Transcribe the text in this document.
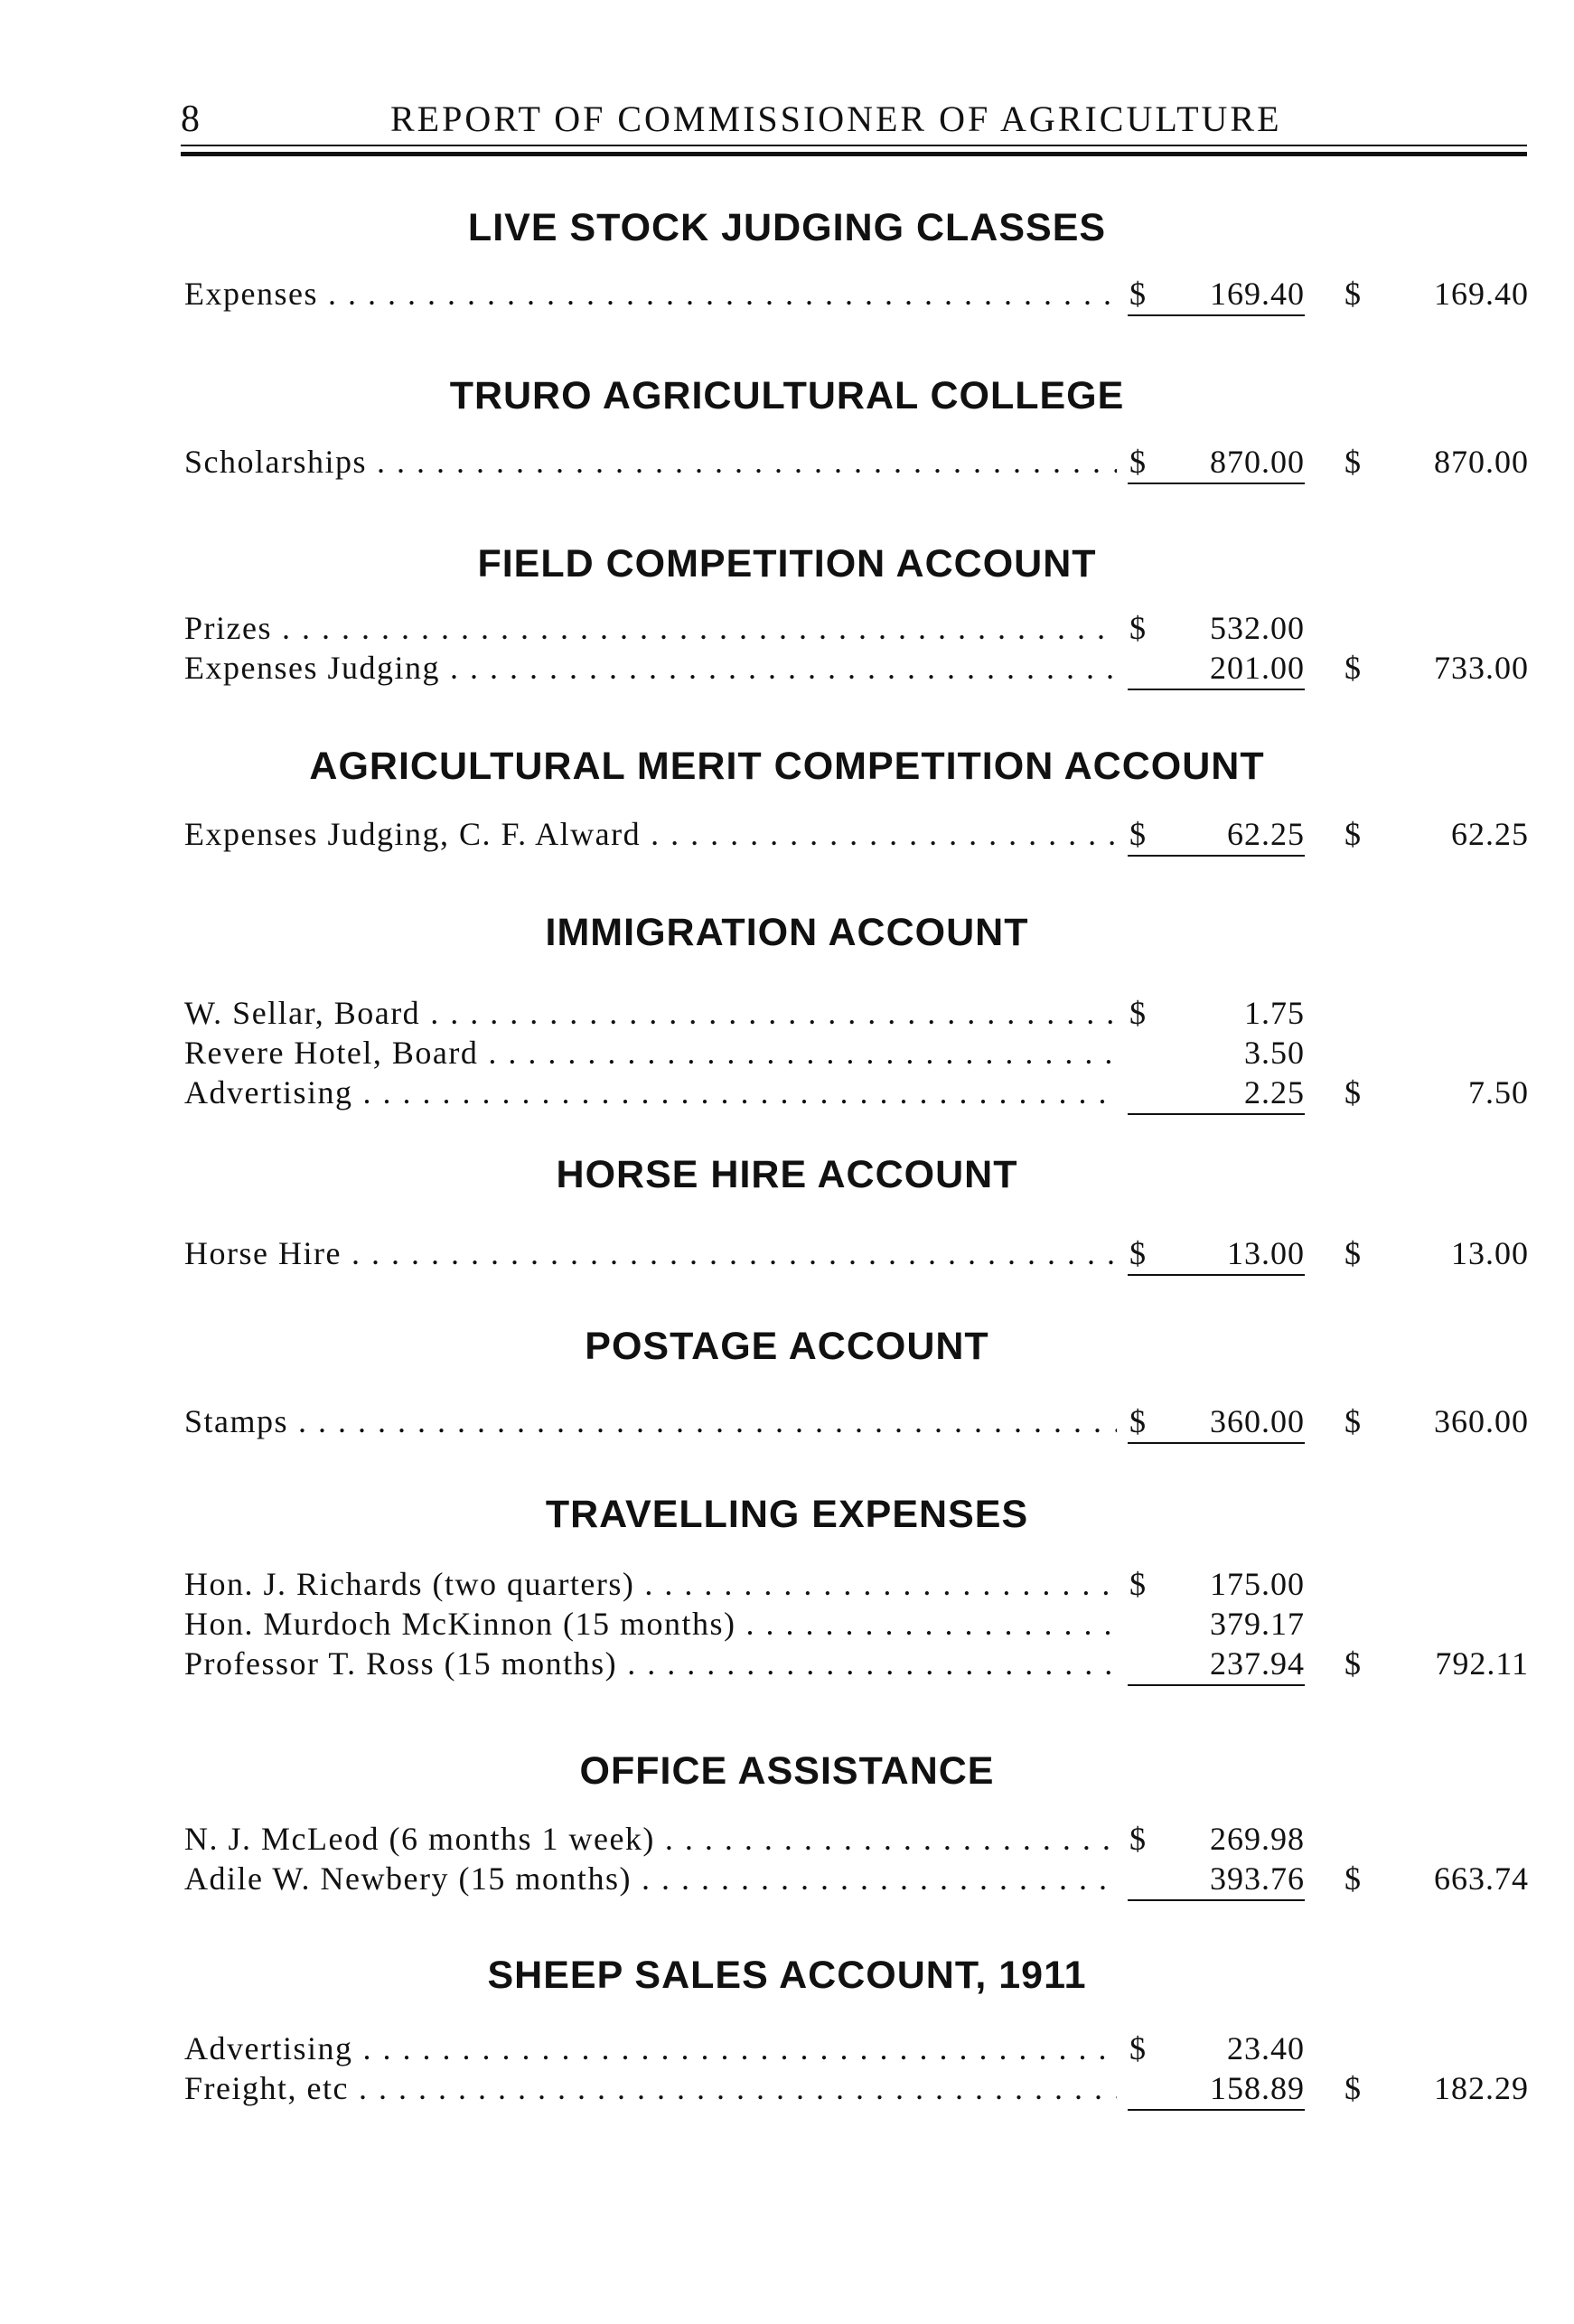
8	REPORT OF COMMISSIONER OF AGRICULTURE
LIVE STOCK JUDGING CLASSES
Expenses . . .	$	169.40 $	169.40
TRURO AGRICULTURAL COLLEGE
Scholarships . . .	$	870.00 $	870.00
FIELD COMPETITION ACCOUNT
Prizes . . .	$	532.00
Expenses Judging . . .	201.00 $	733.00
AGRICULTURAL MERIT COMPETITION ACCOUNT
Expenses Judging, C. F. Alward . . .	$	62.25 $	62.25
IMMIGRATION ACCOUNT
W. Sellar, Board . . .	$	1.75
Revere Hotel, Board . . .	3.50
Advertising . . .	2.25 $	7.50
HORSE HIRE ACCOUNT
Horse Hire . . .	$	13.00 $	13.00
POSTAGE ACCOUNT
Stamps . . .	$	360.00 $	360.00
TRAVELLING EXPENSES
Hon. J. Richards (two quarters) . . .	$	175.00
Hon. Murdoch McKinnon (15 months) . . .	379.17
Professor T. Ross (15 months) . . .	237.94 $	792.11
OFFICE ASSISTANCE
N. J. McLeod (6 months 1 week) . . .	$	269.98
Adile W. Newbery (15 months) . . .	393.76 $	663.74
SHEEP SALES ACCOUNT, 1911
Advertising . . .	$	23.40
Freight, etc . . .	158.89 $	182.29
